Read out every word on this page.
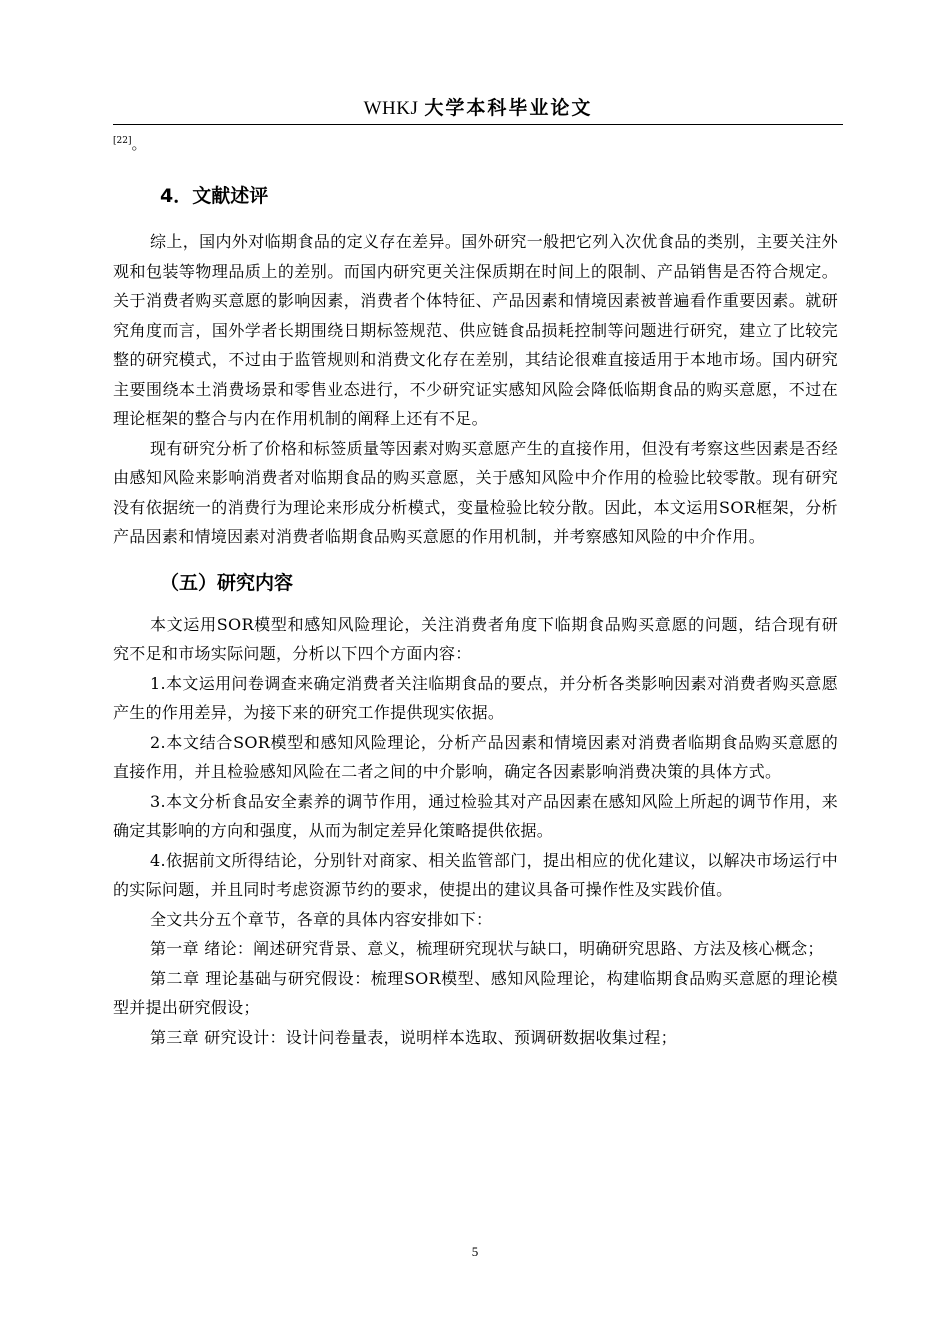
WHKJ 大学本科毕业论文

[22]。

4．文献述评

综上，国内外对临期食品的定义存在差异。国外研究一般把它列入次优食品的类别，主要关注外观和包装等物理品质上的差别。而国内研究更关注保质期在时间上的限制、产品销售是否符合规定。关于消费者购买意愿的影响因素，消费者个体特征、产品因素和情境因素被普遍看作重要因素。就研究角度而言，国外学者长期围绕日期标签规范、供应链食品损耗控制等问题进行研究，建立了比较完整的研究模式，不过由于监管规则和消费文化存在差别，其结论很难直接适用于本地市场。国内研究主要围绕本土消费场景和零售业态进行，不少研究证实感知风险会降低临期食品的购买意愿，不过在理论框架的整合与内在作用机制的阐释上还有不足。

现有研究分析了价格和标签质量等因素对购买意愿产生的直接作用，但没有考察这些因素是否经由感知风险来影响消费者对临期食品的购买意愿，关于感知风险中介作用的检验比较零散。现有研究没有依据统一的消费行为理论来形成分析模式，变量检验比较分散。因此，本文运用SOR框架，分析产品因素和情境因素对消费者临期食品购买意愿的作用机制，并考察感知风险的中介作用。

（五）研究内容

本文运用SOR模型和感知风险理论，关注消费者角度下临期食品购买意愿的问题，结合现有研究不足和市场实际问题，分析以下四个方面内容：

1.本文运用问卷调查来确定消费者关注临期食品的要点，并分析各类影响因素对消费者购买意愿产生的作用差异，为接下来的研究工作提供现实依据。

2.本文结合SOR模型和感知风险理论，分析产品因素和情境因素对消费者临期食品购买意愿的直接作用，并且检验感知风险在二者之间的中介影响，确定各因素影响消费决策的具体方式。

3.本文分析食品安全素养的调节作用，通过检验其对产品因素在感知风险上所起的调节作用，来确定其影响的方向和强度，从而为制定差异化策略提供依据。

4.依据前文所得结论，分别针对商家、相关监管部门，提出相应的优化建议，以解决市场运行中的实际问题，并且同时考虑资源节约的要求，使提出的建议具备可操作性及实践价值。

全文共分五个章节，各章的具体内容安排如下：

第一章 绪论：阐述研究背景、意义，梳理研究现状与缺口，明确研究思路、方法及核心概念；

第二章 理论基础与研究假设：梳理SOR模型、感知风险理论，构建临期食品购买意愿的理论模型并提出研究假设；

第三章 研究设计：设计问卷量表，说明样本选取、预调研数据收集过程；

5
